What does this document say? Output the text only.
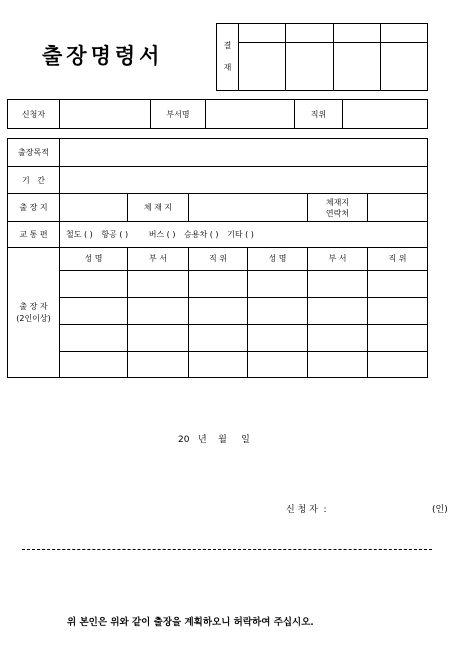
출장명령서	결재				

신청자		부서명		직위	
출장목적						
기   간						
출 장 지		체 재 지			체재지
연락처	
교 통 편	철도 ( ) 항공 ( ) 버스 ( ) 승용차 ( ) 기타 ( )					

출 장 자
(2인이상)	성 명	부 서	직 위	성 명	부 서	직 위

20   년    월     일
신 청 자  :	(인)
위 본인은 위와 같이 출장을 계획하오니 허락하여 주십시오.
